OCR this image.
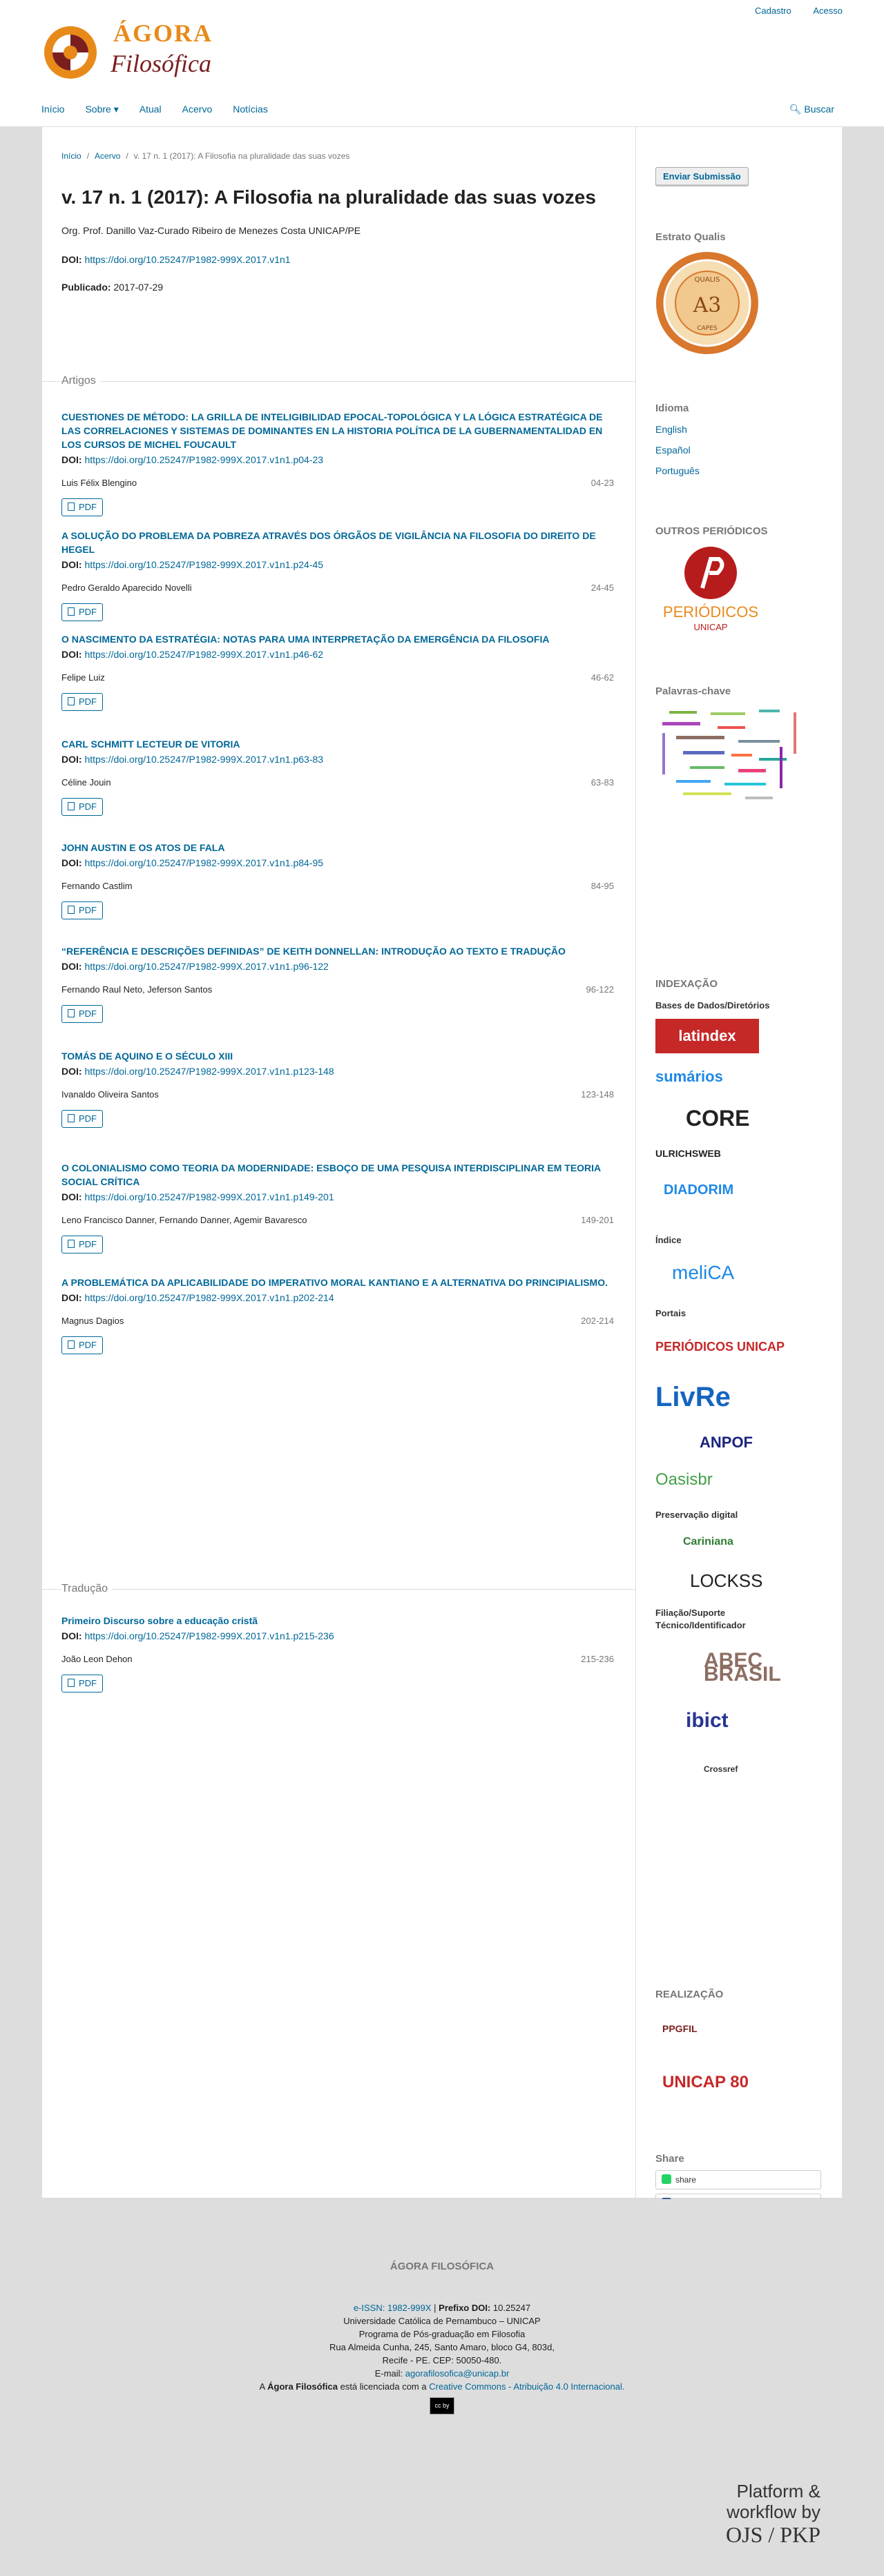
Cadastro Acesso
ÁGORA
Filosófica
Início Sobre ▾ Atual Acervo Notícias	🔍︎ Buscar
Início / Acervo / v. 17 n. 1 (2017): A Filosofia na pluralidade das suas vozes
v. 17 n. 1 (2017): A Filosofia na pluralidade das suas vozes
Org. Prof. Danillo Vaz-Curado Ribeiro de Menezes Costa UNICAP/PE
DOI: https://doi.org/10.25247/P1982-999X.2017.v1n1
Publicado: 2017-07-29
Artigos
CUESTIONES DE MÉTODO: LA GRILLA DE INTELIGIBILIDAD EPOCAL-TOPOLÓGICA Y LA LÓGICA ESTRATÉGICA DE LAS CORRELACIONES Y SISTEMAS DE DOMINANTES EN LA HISTORIA POLÍTICA DE LA GUBERNAMENTALIDAD EN LOS CURSOS DE MICHEL FOUCAULT
DOI: https://doi.org/10.25247/P1982-999X.2017.v1n1.p04-23
Luis Félix Blengino	04-23
PDF
A SOLUÇÃO DO PROBLEMA DA POBREZA ATRAVÉS DOS ÓRGÃOS DE VIGILÂNCIA NA FILOSOFIA DO DIREITO DE HEGEL
DOI: https://doi.org/10.25247/P1982-999X.2017.v1n1.p24-45
Pedro Geraldo Aparecido Novelli	24-45
PDF
O NASCIMENTO DA ESTRATÉGIA: NOTAS PARA UMA INTERPRETAÇÃO DA EMERGÊNCIA DA FILOSOFIA
DOI: https://doi.org/10.25247/P1982-999X.2017.v1n1.p46-62
Felipe Luiz	46-62
PDF
CARL SCHMITT LECTEUR DE VITORIA
DOI: https://doi.org/10.25247/P1982-999X.2017.v1n1.p63-83
Céline Jouin	63-83
PDF
JOHN AUSTIN E OS ATOS DE FALA
DOI: https://doi.org/10.25247/P1982-999X.2017.v1n1.p84-95
Fernando Castlim	84-95
PDF
“REFERÊNCIA E DESCRIÇÕES DEFINIDAS” DE KEITH DONNELLAN: INTRODUÇÃO AO TEXTO E TRADUÇÃO
DOI: https://doi.org/10.25247/P1982-999X.2017.v1n1.p96-122
Fernando Raul Neto, Jeferson Santos	96-122
PDF
TOMÁS DE AQUINO E O SÉCULO XIII
DOI: https://doi.org/10.25247/P1982-999X.2017.v1n1.p123-148
Ivanaldo Oliveira Santos	123-148
PDF
O COLONIALISMO COMO TEORIA DA MODERNIDADE: ESBOÇO DE UMA PESQUISA INTERDISCIPLINAR EM TEORIA SOCIAL CRÍTICA
DOI: https://doi.org/10.25247/P1982-999X.2017.v1n1.p149-201
Leno Francisco Danner, Fernando Danner, Agemir Bavaresco	149-201
PDF
A PROBLEMÁTICA DA APLICABILIDADE DO IMPERATIVO MORAL KANTIANO E A ALTERNATIVA DO PRINCIPIALISMO.
DOI: https://doi.org/10.25247/P1982-999X.2017.v1n1.p202-214
Magnus Dagios	202-214
PDF
Tradução
Primeiro Discurso sobre a educação cristã
DOI: https://doi.org/10.25247/P1982-999X.2017.v1n1.p215-236
João Leon Dehon	215-236
PDF
Enviar Submissão
Estrato Qualis
QUALIS
A3
CAPES
Idioma
English
Español
Português
OUTROS PERIÓDICOS
PERIÓDICOS
UNICAP
Palavras-chave
INDEXAÇÃO
Bases de Dados/Diretórios
latindex
sumários
CORE
ULRICHSWEB
DIADORIM
Índice
meliCA
Portais
PERIÓDICOS UNICAP
LivRe
ANPOF
Oasisbr
Preservação digital
Cariniana
LOCKSS
Filiação/Suporte Técnico/Identificador
ABEC BRASIL
ibict
Crossref
REALIZAÇÃO
PPGFIL
UNICAP 80
Share
share
ÁGORA FILOSÓFICA
e-ISSN: 1982-999X | Prefixo DOI: 10.25247
Universidade Católica de Pernambuco – UNICAP
Programa de Pós-graduação em Filosofia
Rua Almeida Cunha, 245, Santo Amaro, bloco G4, 803d,
Recife - PE. CEP: 50050-480.
E-mail: agorafilosofica@unicap.br
A Ágora Filosófica está licenciada com a Creative Commons - Atribuição 4.0 Internacional.
cc by
Platform &
workflow by
OJS / PKP
